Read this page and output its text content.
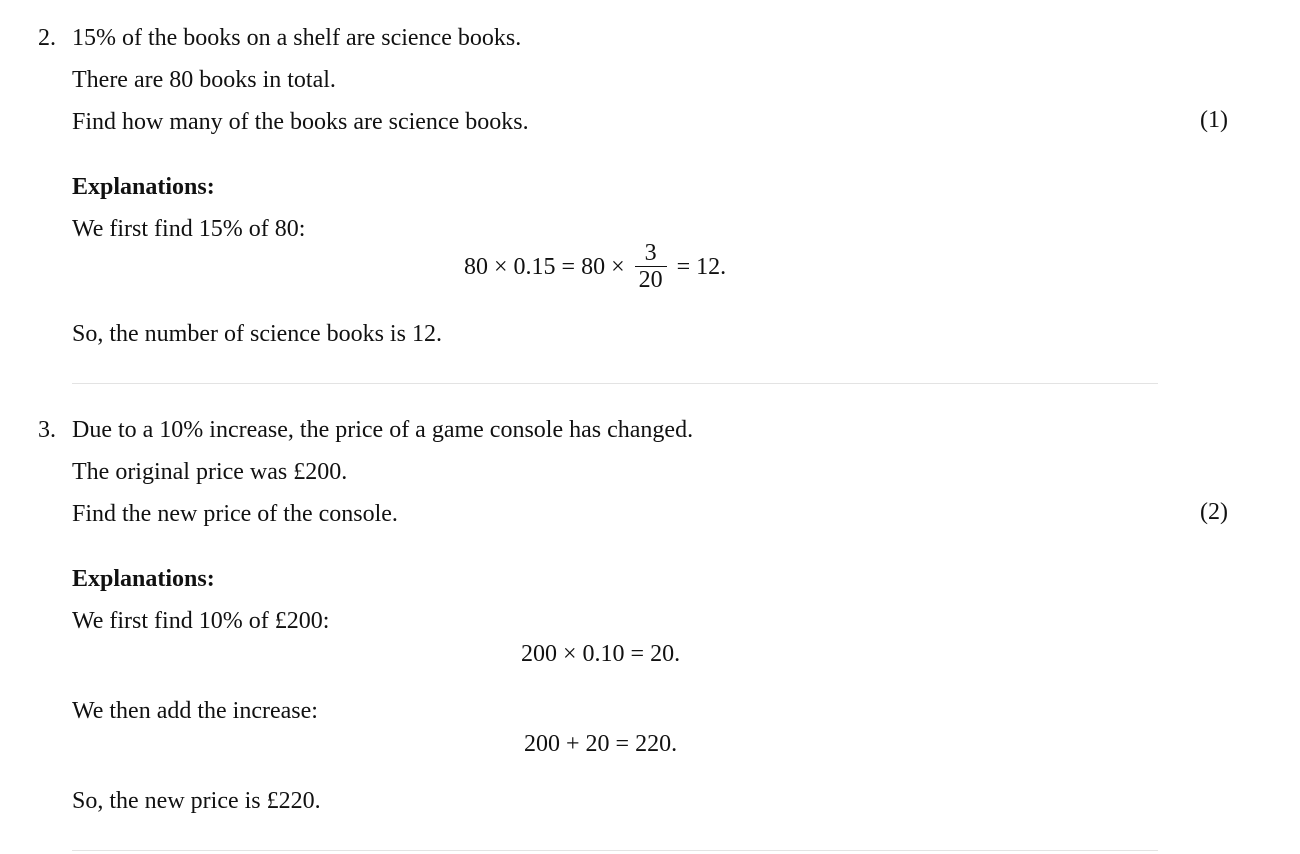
2. 15% of the books on a shelf are science books.
There are 80 books in total.
Find how many of the books are science books.	(1)
Explanations:
We first find 15% of 80:
$80 \times 0.15 = 80 \times \frac{3}{20} = 12$.
So, the number of science books is 12.
3. Due to a 10% increase, the price of a game console has changed.
The original price was £200.
Find the new price of the console.	(2)
Explanations:
We first find 10% of £200:
200 × 0.10 = 20.
We then add the increase:
200 + 20 = 220.
So, the new price is £220.
